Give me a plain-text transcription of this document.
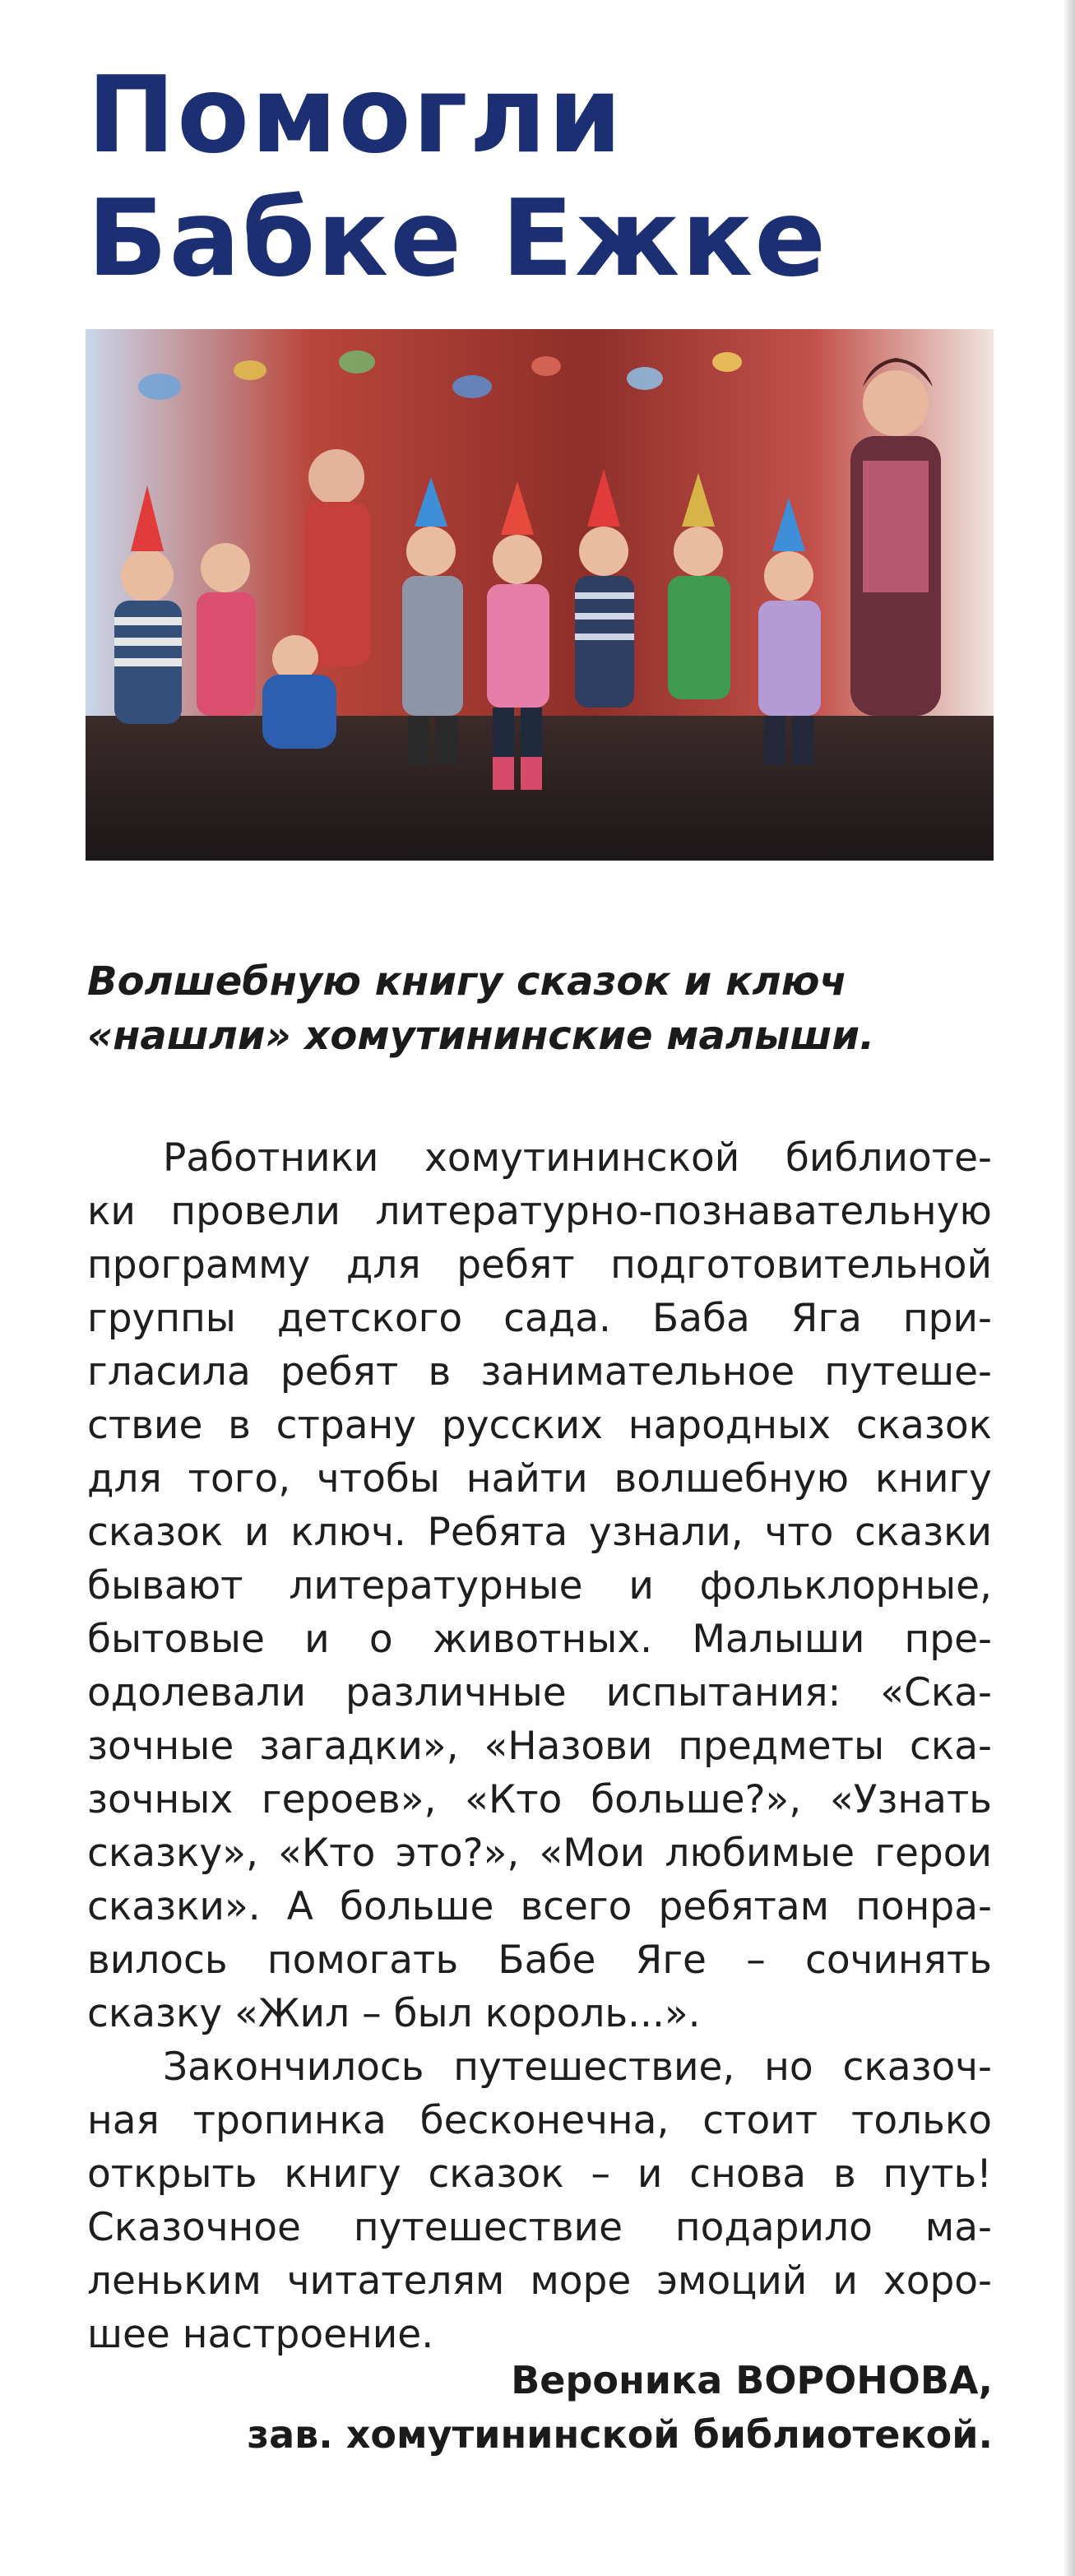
Помогли
Бабке Ежке
Волшебную книгу сказок и ключ
«нашли» хомутининские малыши.

Работники хомутининской библиоте-
ки провели литературно-познавательную
программу для ребят подготовительной
группы детского сада. Баба Яга при-
гласила ребят в занимательное путеше-
ствие в страну русских народных сказок
для того, чтобы найти волшебную книгу
сказок и ключ. Ребята узнали, что сказки
бывают литературные и фольклорные,
бытовые и о животных. Малыши пре-
одолевали различные испытания: «Ска-
зочные загадки», «Назови предметы ска-
зочных героев», «Кто больше?», «Узнать
сказку», «Кто это?», «Мои любимые герои
сказки». А больше всего ребятам понра-
вилось помогать Бабе Яге – сочинять
сказку «Жил – был король...».

Закончилось путешествие, но сказоч-
ная тропинка бесконечна, стоит только
открыть книгу сказок – и снова в путь!
Сказочное путешествие подарило ма-
леньким читателям море эмоций и хоро-
шее настроение.

Вероника ВОРОНОВА,
зав. хомутининской библиотекой.
